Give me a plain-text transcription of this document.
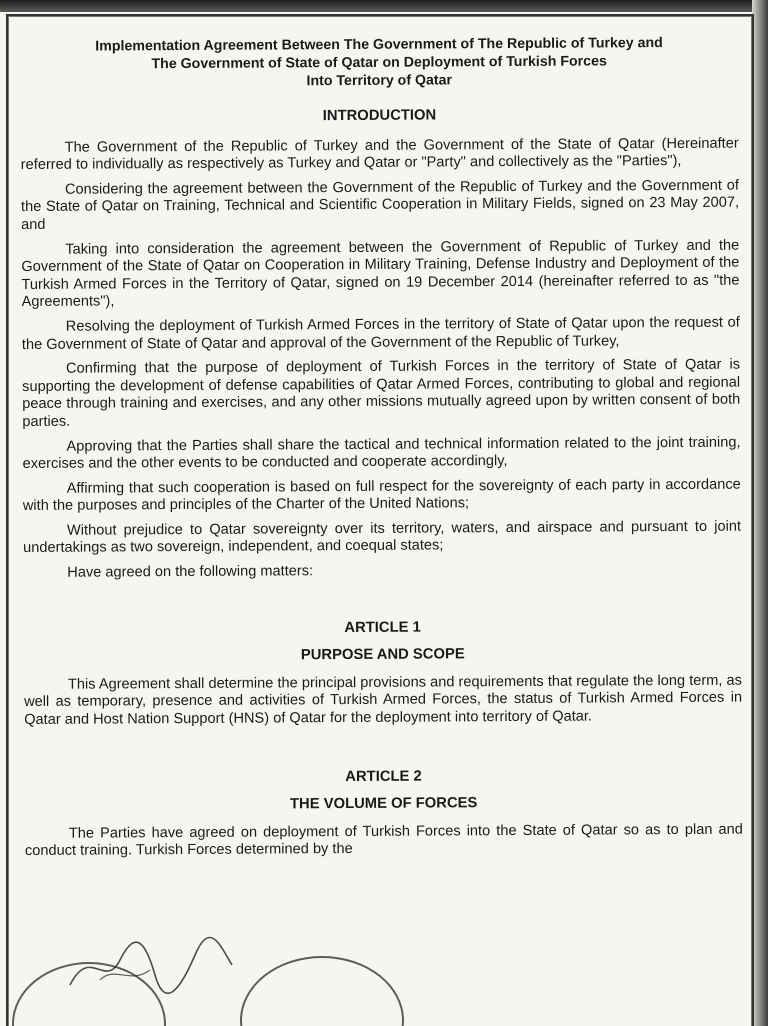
Implementation Agreement Between The Government of The Republic of Turkey and
The Government of State of Qatar on Deployment of Turkish Forces
Into Territory of Qatar
INTRODUCTION

The Government of the Republic of Turkey and the Government of the State of Qatar (Hereinafter referred to individually as respectively as Turkey and Qatar or "Party" and collectively as the "Parties"),

Considering the agreement between the Government of the Republic of Turkey and the Government of the State of Qatar on Training, Technical and Scientific Cooperation in Military Fields, signed on 23 May 2007, and

Taking into consideration the agreement between the Government of Republic of Turkey and the Government of the State of Qatar on Cooperation in Military Training, Defense Industry and Deployment of the Turkish Armed Forces in the Territory of Qatar, signed on 19 December 2014 (hereinafter referred to as "the Agreements"),

Resolving the deployment of Turkish Armed Forces in the territory of State of Qatar upon the request of the Government of State of Qatar and approval of the Government of the Republic of Turkey,

Confirming that the purpose of deployment of Turkish Forces in the territory of State of Qatar is supporting the development of defense capabilities of Qatar Armed Forces, contributing to global and regional peace through training and exercises, and any other missions mutually agreed upon by written consent of both parties.

Approving that the Parties shall share the tactical and technical information related to the joint training, exercises and the other events to be conducted and cooperate accordingly,

Affirming that such cooperation is based on full respect for the sovereignty of each party in accordance with the purposes and principles of the Charter of the United Nations;

Without prejudice to Qatar sovereignty over its territory, waters, and airspace and pursuant to joint undertakings as two sovereign, independent, and coequal states;

Have agreed on the following matters:

ARTICLE 1
PURPOSE AND SCOPE

This Agreement shall determine the principal provisions and requirements that regulate the long term, as well as temporary, presence and activities of Turkish Armed Forces, the status of Turkish Armed Forces in Qatar and Host Nation Support (HNS) of Qatar for the deployment into territory of Qatar.

ARTICLE 2
THE VOLUME OF FORCES

The Parties have agreed on deployment of Turkish Forces into the State of Qatar so as to plan and conduct training. Turkish Forces determined by the
